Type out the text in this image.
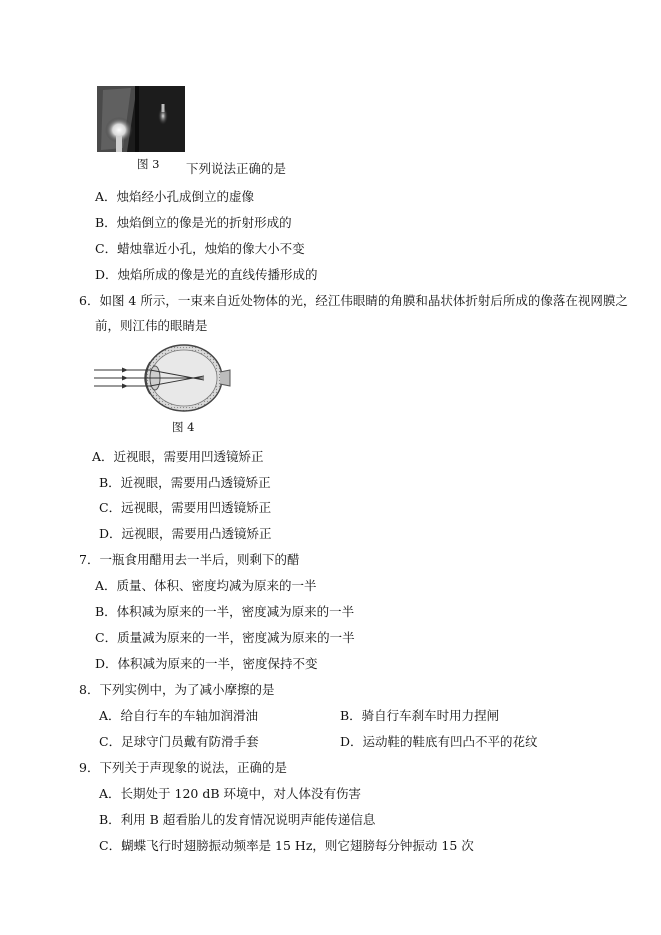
图 3 下列说法正确的是
A．烛焰经小孔成倒立的虚像
B．烛焰倒立的像是光的折射形成的
C．蜡烛靠近小孔，烛焰的像大小不变
D．烛焰所成的像是光的直线传播形成的
6．如图 4 所示，一束来自近处物体的光，经江伟眼睛的角膜和晶状体折射后所成的像落在视网膜之
前，则江伟的眼睛是
图 4
A．近视眼，需要用凹透镜矫正
B．近视眼，需要用凸透镜矫正
C．远视眼，需要用凹透镜矫正
D．远视眼，需要用凸透镜矫正
7．一瓶食用醋用去一半后，则剩下的醋
A．质量、体积、密度均减为原来的一半
B．体积减为原来的一半，密度减为原来的一半
C．质量减为原来的一半，密度减为原来的一半
D．体积减为原来的一半，密度保持不变
8．下列实例中，为了减小摩擦的是
A．给自行车的车轴加润滑油	B．骑自行车刹车时用力捏闸
C．足球守门员戴有防滑手套	D．运动鞋的鞋底有凹凸不平的花纹
9．下列关于声现象的说法，正确的是
A．长期处于 120 dB 环境中，对人体没有伤害
B．利用 B 超看胎儿的发育情况说明声能传递信息
C．蝴蝶飞行时翅膀振动频率是 15 Hz，则它翅膀每分钟振动 15 次
